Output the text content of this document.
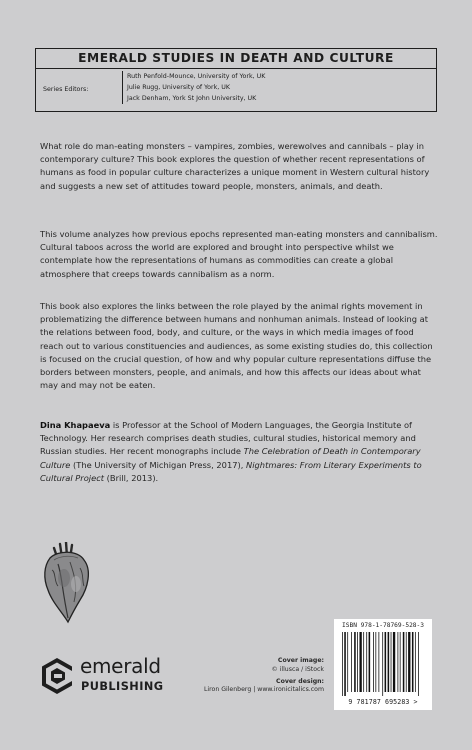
EMERALD STUDIES IN DEATH AND CULTURE
Series Editors:
Ruth Penfold-Mounce, University of York, UK
Julie Rugg, University of York, UK
Jack Denham, York St John University, UK
What role do man-eating monsters – vampires, zombies, werewolves and cannibals – play in contemporary culture? This book explores the question of whether recent representations of humans as food in popular culture characterizes a unique moment in Western cultural history and suggests a new set of attitudes toward people, monsters, animals, and death.
This volume analyzes how previous epochs represented man-eating monsters and cannibalism. Cultural taboos across the world are explored and brought into perspective whilst we contemplate how the representations of humans as commodities can create a global atmosphere that creeps towards cannibalism as a norm.
This book also explores the links between the role played by the animal rights movement in problematizing the difference between humans and nonhuman animals. Instead of looking at the relations between food, body, and culture, or the ways in which media images of food reach out to various constituencies and audiences, as some existing studies do, this collection is focused on the crucial question, of how and why popular culture representations diffuse the borders between monsters, people, and animals, and how this affects our ideas about what may and may not be eaten.
Dina Khapaeva is Professor at the School of Modern Languages, the Georgia Institute of Technology. Her research comprises death studies, cultural studies, historical memory and Russian studies. Her recent monographs include The Celebration of Death in Contemporary Culture (The University of Michigan Press, 2017), Nightmares: From Literary Experiments to Cultural Project (Brill, 2013).
ISBN 978-1-78769-528-3
9 781787 695283 >
emerald
PUBLISHING
Cover image:
© illusca / iStock
Cover design:
Liron Gilenberg | www.ironicitalics.com
